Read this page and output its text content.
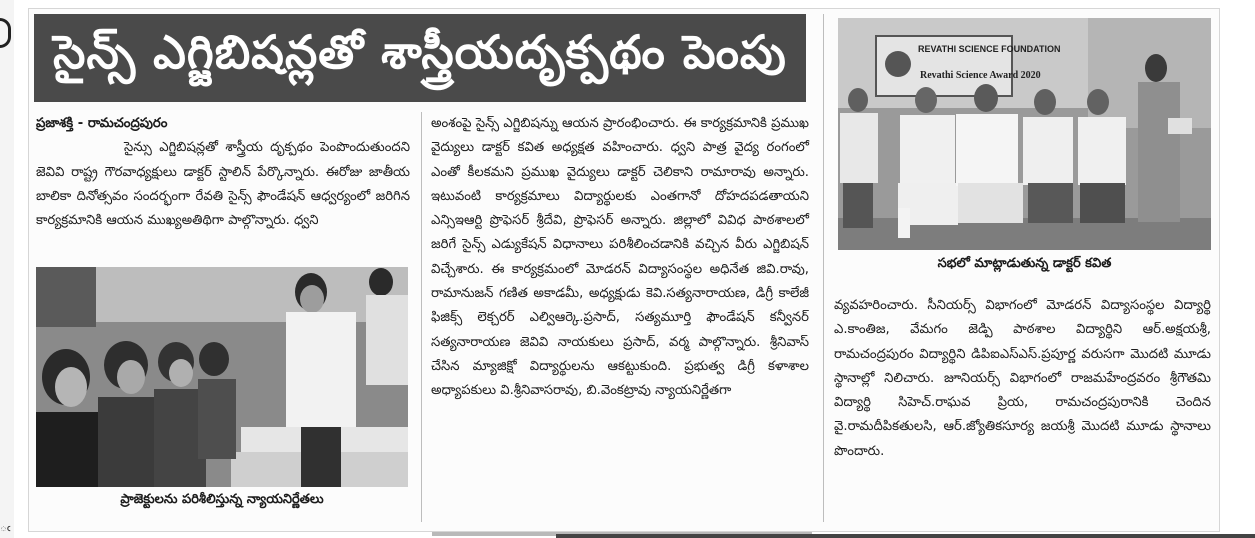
ఁ
సైన్స్ ఎగ్జిబిషన్లతో శాస్త్రీయదృక్పథం పెంపు

ప్రజాశక్తి - రామచంద్రపురం
సైన్సు ఎగ్జిబిషన్లతో శాస్త్రీయ దృక్పథం పెంపొందుతుందని జెవివి రాష్ట్ర గౌరవాధ్యక్షులు డాక్టర్ స్టాలిన్ పేర్కొన్నారు. ఈరోజు జాతీయ బాలికా దినోత్సవం సందర్భంగా రేవతి సైన్స్ ఫౌండేషన్ ఆధ్వర్యంలో జరిగిన కార్యక్రమానికి ఆయన ముఖ్యఅతిథిగా పాల్గొన్నారు. ధ్వని

ప్రాజెక్టులను పరిశీలిస్తున్న న్యాయనిర్ణేతలు

అంశంపై సైన్స్ ఎగ్జిబిషన్ను ఆయన ప్రారంభించారు. ఈ కార్యక్రమానికి ప్రముఖ వైద్యులు డాక్టర్ కవిత అధ్యక్షత వహించారు. ధ్వని పాత్ర వైద్య రంగంలో ఎంతో కీలకమని ప్రముఖ వైద్యులు డాక్టర్ చెలికాని రామారావు అన్నారు. ఇటువంటి కార్యక్రమాలు విద్యార్థులకు ఎంతగానో దోహదపడతాయని ఎన్సిఇఆర్టి ప్రొఫెసర్ శ్రీదేవి, ప్రొఫెసర్ అన్నారు. జిల్లాలో వివిధ పాఠశాలలో జరిగే సైన్స్ ఎడ్యుకేషన్ విధానాలు పరిశీలించడానికి వచ్చిన వీరు ఎగ్జిబిషన్ విచ్చేశారు. ఈ కార్యక్రమంలో మోడరన్ విద్యాసంస్థల అధినేత జివి.రావు, రామానుజన్ గణిత అకాడమీ, అధ్యక్షుడు కెవి.సత్యనారాయణ, డిగ్రీ కాలేజీ ఫిజిక్స్ లెక్చరర్ ఎల్విఆర్కె.ప్రసాద్, సత్యమూర్తి ఫౌండేషన్ కన్వీనర్ సత్యనారాయణ జెవివి నాయకులు ప్రసాద్, వర్మ పాల్గొన్నారు. శ్రీనివాస్ చేసిన మ్యాజిక్షో విద్యార్థులను ఆకట్టుకుంది. ప్రభుత్వ డిగ్రీ కళాశాల అధ్యాపకులు వి.శ్రీనివాసరావు, బి.వెంకట్రావు న్యాయనిర్ణేతగా

REVATHI SCIENCE FOUNDATION
Revathi Science Award 2020
సభలో మాట్లాడుతున్న డాక్టర్ కవిత

వ్యవహరించారు. సీనియర్స్ విభాగంలో మోడరన్ విద్యాసంస్థల విద్యార్థి ఎ.కాంతిజ, వేమగం జెడ్పి పాఠశాల విద్యార్థిని ఆర్.అక్షయశ్రీ, రామచంద్రపురం విద్యార్థిని డిపిఐఎస్ఎస్.ప్రపూర్ణ వరుసగా మొదటి మూడు స్థానాల్లో నిలిచారు. జూనియర్స్ విభాగంలో రాజమహేంద్రవరం శ్రీగౌతమి విద్యార్థి సిహెచ్.రాఘవ ప్రియ, రామచంద్రపురానికి చెందిన వై.రామదీపికతులసి, ఆర్.జ్యోతికసూర్య జయశ్రీ మొదటి మూడు స్థానాలు పొందారు.
